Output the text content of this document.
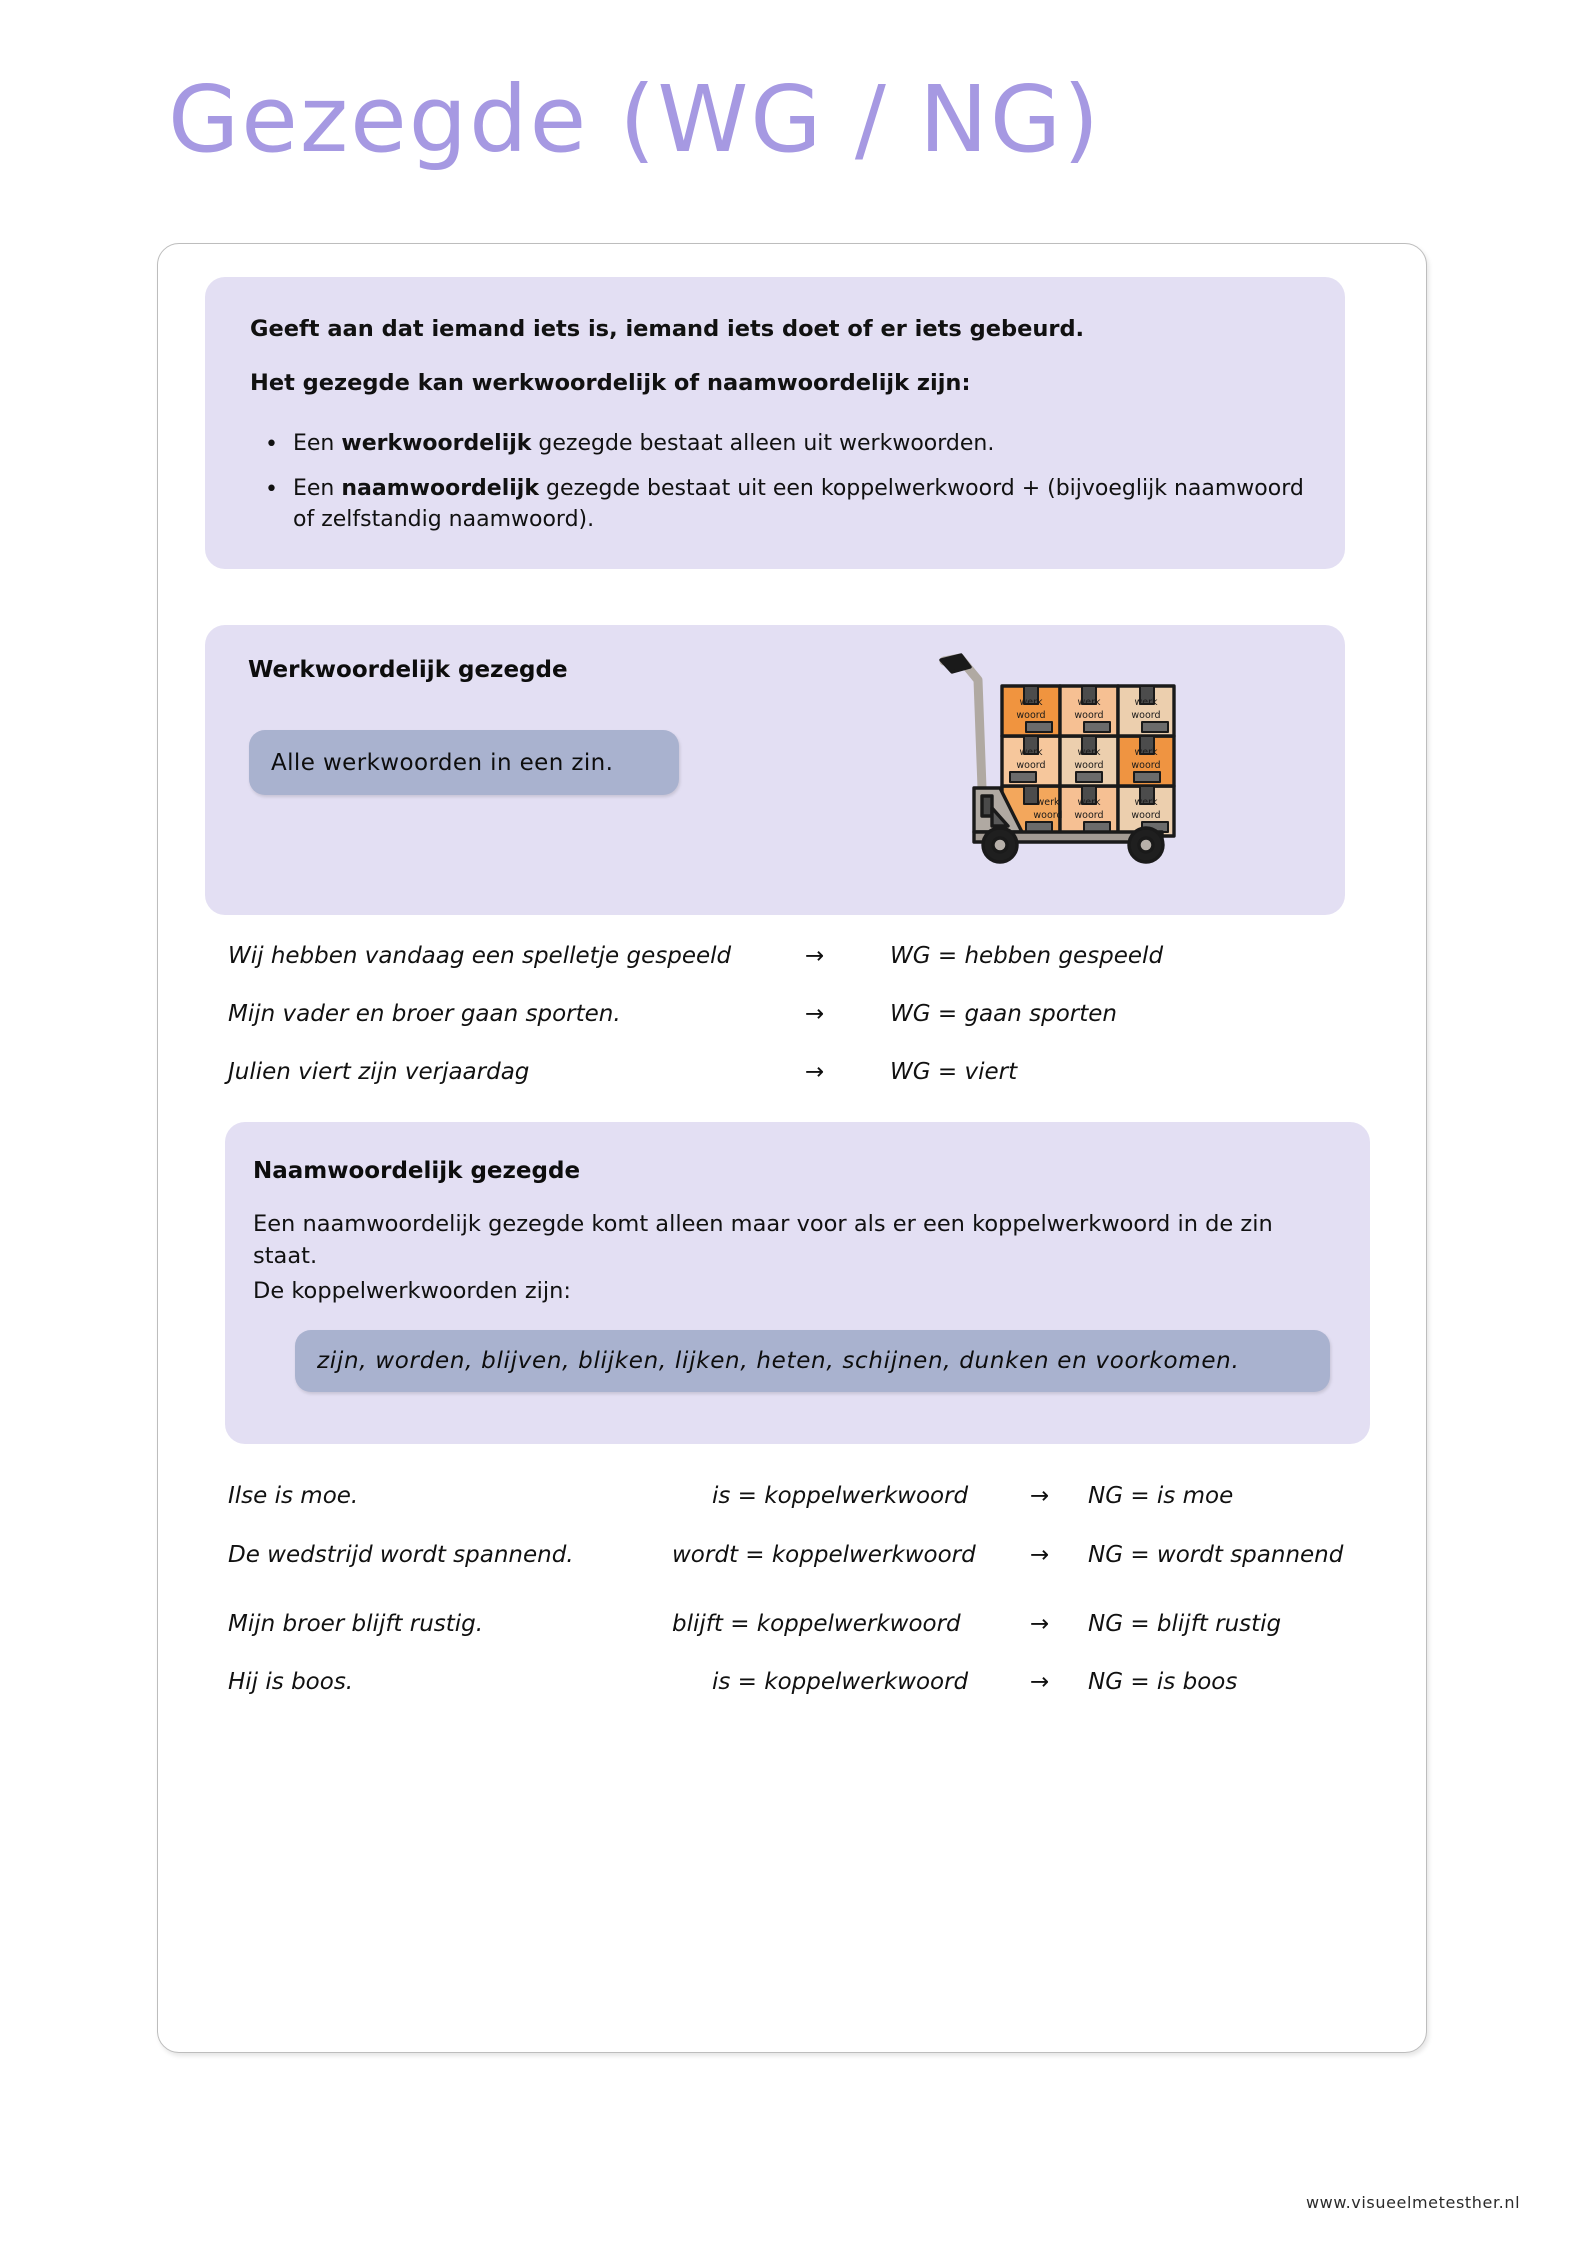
Gezegde (WG / NG)
Geeft aan dat iemand iets is, iemand iets doet of er iets gebeurd.
Het gezegde kan werkwoordelijk of naamwoordelijk zijn:
• Een werkwoordelijk gezegde bestaat alleen uit werkwoorden.
• Een naamwoordelijk gezegde bestaat uit een koppelwerkwoord + (bijvoeglijk naamwoord of zelfstandig naamwoord).
Werkwoordelijk gezegde
Alle werkwoorden in een zin.
werk
woord
werk
woord
werk
woord
werk
woord
werk
woord
werk
woord
werk
woord
werk
woord
werk
woord
Wij hebben vandaag een spelletje gespeeld	→	WG = hebben gespeeld
Mijn vader en broer gaan sporten.	→	WG = gaan sporten
Julien viert zijn verjaardag	→	WG = viert
Naamwoordelijk gezegde
Een naamwoordelijk gezegde komt alleen maar voor als er een koppelwerkwoord in de zin staat.
De koppelwerkwoorden zijn:
zijn, worden, blijven, blijken, lijken, heten, schijnen, dunken en voorkomen.
Ilse is moe.	is = koppelwerkwoord	→ NG = is moe
De wedstrijd wordt spannend.	wordt = koppelwerkwoord → NG = wordt spannend
Mijn broer blijft rustig.	blijft = koppelwerkwoord	→ NG = blijft rustig
Hij is boos.	is = koppelwerkwoord	→ NG = is boos
www.visueelmetesther.nl
